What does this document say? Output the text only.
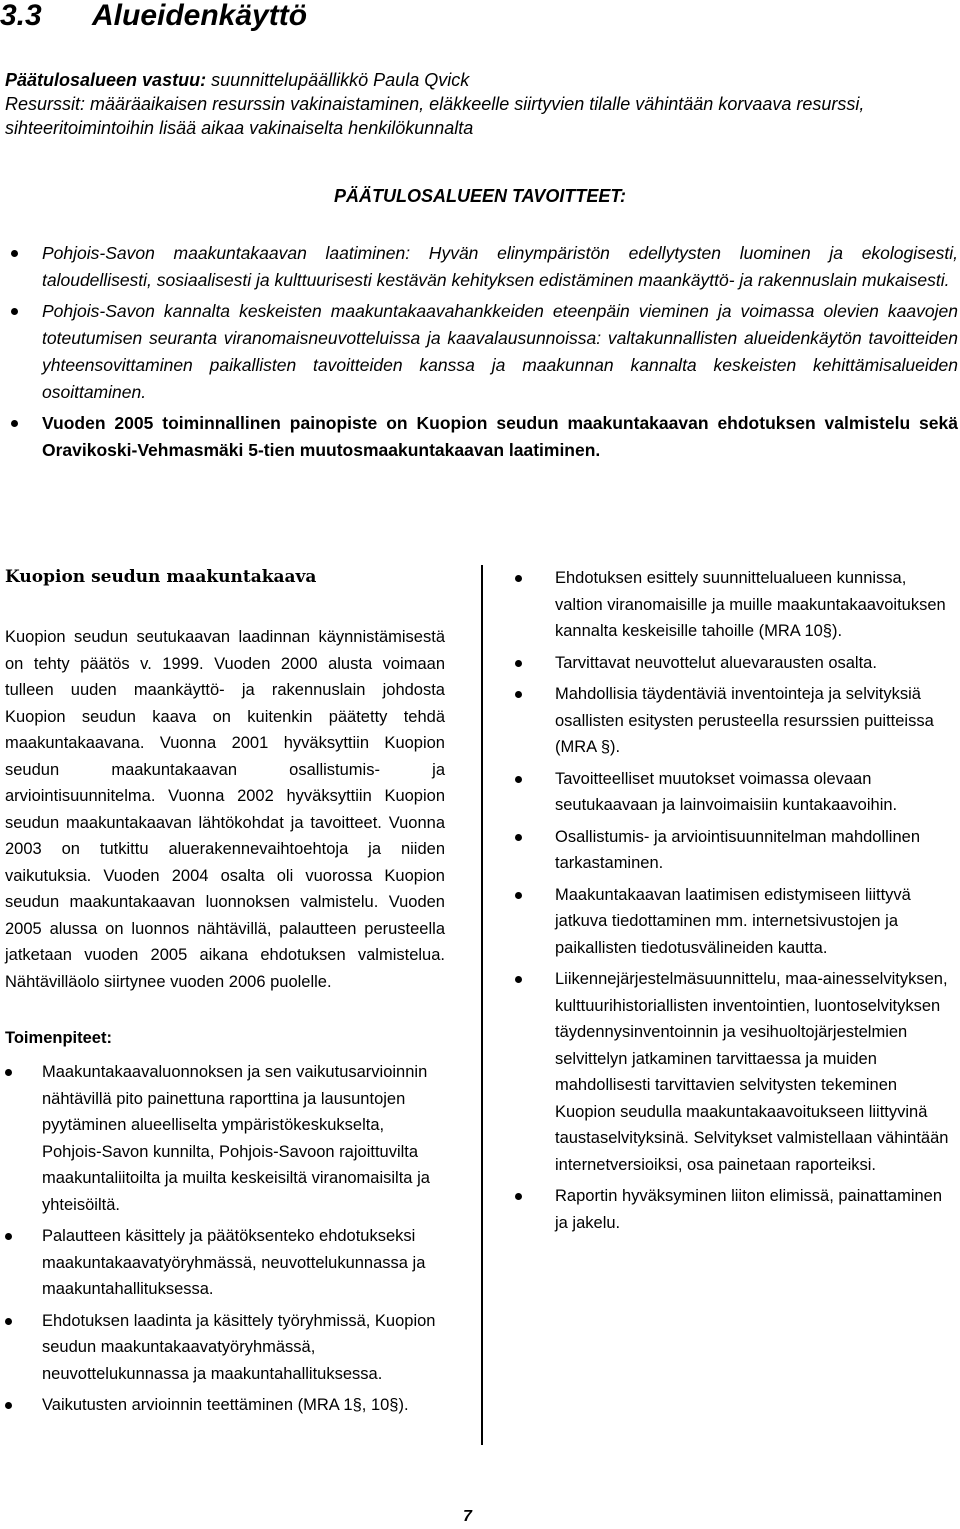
3.3 Alueidenkäyttö
Päätulosalueen vastuu: suunnittelupäällikkö Paula Qvick
Resurssit: määräaikaisen resurssin vakinaistaminen, eläkkeelle siirtyvien tilalle vähintään korvaava resurssi, sihteeritoimintoihin lisää aikaa vakinaiselta henkilökunnalta
PÄÄTULOSALUEEN TAVOITTEET:
Pohjois-Savon maakuntakaavan laatiminen: Hyvän elinympäristön edellytysten luominen ja ekologisesti, taloudellisesti, sosiaalisesti ja kulttuurisesti kestävän kehityksen edistäminen maankäyttö- ja rakennuslain mukaisesti.
Pohjois-Savon kannalta keskeisten maakuntakaavahankkeiden eteenpäin vieminen ja voimassa olevien kaavojen toteutumisen seuranta viranomaisneuvotteluissa ja kaavalausunnoissa: valtakunnallisten alueidenkäytön tavoitteiden yhteensovittaminen paikallisten tavoitteiden kanssa ja maakunnan kannalta keskeisten kehittämisalueiden osoittaminen.
Vuoden 2005 toiminnallinen painopiste on Kuopion seudun maakuntakaavan ehdotuksen valmistelu sekä Oravikoski-Vehmasmäki 5-tien muutosmaakuntakaavan laatiminen.
Kuopion seudun maakuntakaava

Kuopion seudun seutukaavan laadinnan käynnistämisestä on tehty päätös v. 1999. Vuoden 2000 alusta voimaan tulleen uuden maankäyttö- ja rakennuslain johdosta Kuopion seudun kaava on kuitenkin päätetty tehdä maakuntakaavana. Vuonna 2001 hyväksyttiin Kuopion seudun maakuntakaavan osallistumis- ja arviointisuunnitelma. Vuonna 2002 hyväksyttiin Kuopion seudun maakuntakaavan lähtökohdat ja tavoitteet. Vuonna 2003 on tutkittu aluerakennevaihtoehtoja ja niiden vaikutuksia. Vuoden 2004 osalta oli vuorossa Kuopion seudun maakuntakaavan luonnoksen valmistelu. Vuoden 2005 alussa on luonnos nähtävillä, palautteen perusteella jatketaan vuoden 2005 aikana ehdotuksen valmistelua. Nähtävilläolo siirtynee vuoden 2006 puolelle.

Toimenpiteet:
Maakuntakaavaluonnoksen ja sen vaikutusarvioinnin nähtävillä pito painettuna raporttina ja lausuntojen pyytäminen alueelliselta ympäristökeskukselta, Pohjois-Savon kunnilta, Pohjois-Savoon rajoittuvilta maakuntaliitoilta ja muilta keskeisiltä viranomaisilta ja yhteisöiltä.
Palautteen käsittely ja päätöksenteko ehdotukseksi maakuntakaavatyöryhmässä, neuvottelukunnassa ja maakuntahallituksessa.
Ehdotuksen laadinta ja käsittely työryhmissä, Kuopion seudun maakuntakaavatyöryhmässä, neuvottelukunnassa ja maakuntahallituksessa.
Vaikutusten arvioinnin teettäminen (MRA 1§, 10§).
Ehdotuksen esittely suunnittelualueen kunnissa, valtion viranomaisille ja muille maakuntakaavoituksen kannalta keskeisille tahoille (MRA 10§).
Tarvittavat neuvottelut aluevarausten osalta.
Mahdollisia täydentäviä inventointeja ja selvityksiä osallisten esitysten perusteella resurssien puitteissa (MRA §).
Tavoitteelliset muutokset voimassa olevaan seutukaavaan ja lainvoimaisiin kuntakaavoihin.
Osallistumis- ja arviointisuunnitelman mahdollinen tarkastaminen.
Maakuntakaavan laatimisen edistymiseen liittyvä jatkuva tiedottaminen mm. internetsivustojen ja paikallisten tiedotusvälineiden kautta.
Liikennejärjestelmäsuunnittelu, maa-ainesselvityksen, kulttuurihistoriallisten inventointien, luontoselvityksen täydennysinventoinnin ja vesihuoltojärjestelmien selvittelyn jatkaminen tarvittaessa ja muiden mahdollisesti tarvittavien selvitysten tekeminen Kuopion seudulla maakuntakaavoitukseen liittyvinä taustaselvityksinä. Selvitykset valmistellaan vähintään internetversioiksi, osa painetaan raporteiksi.
Raportin hyväksyminen liiton elimissä, painattaminen ja jakelu.
7
